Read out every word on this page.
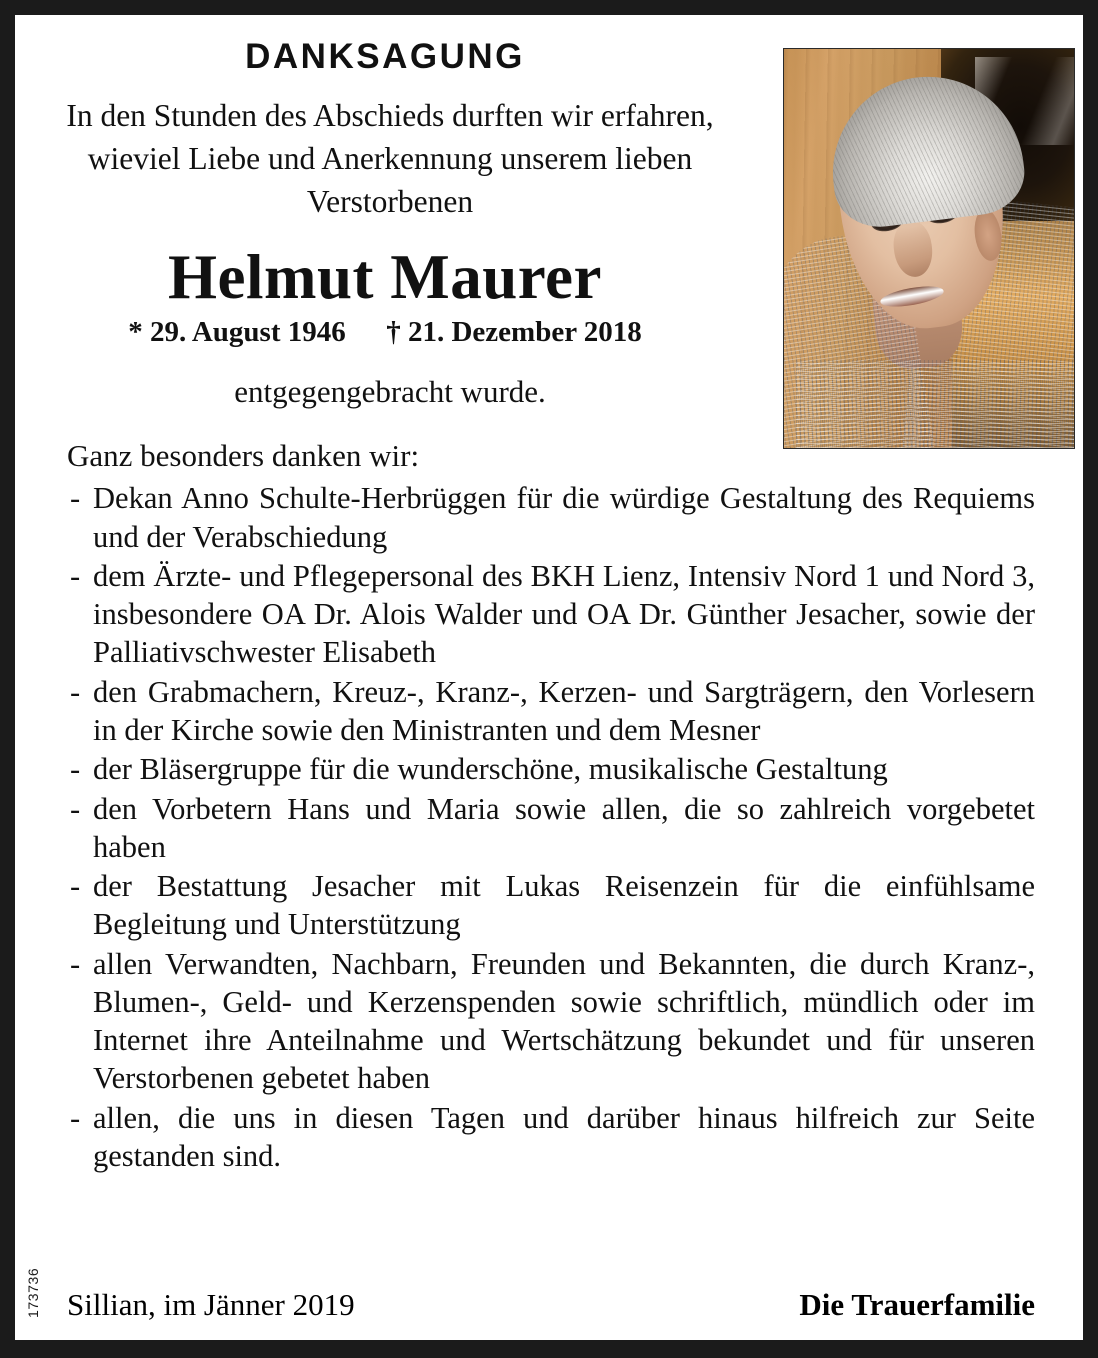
173736
DANKSAGUNG
In den Stunden des Abschieds durften wir erfahren, wieviel Liebe und Anerkennung unserem lieben Verstorbenen
Helmut Maurer
* 29. August 1946 † 21. Dezember 2018
entgegengebracht wurde.
Ganz besonders danken wir:
- Dekan Anno Schulte-Herbrüggen für die würdige Gestaltung des Requiems und der Verabschiedung
- dem Ärzte- und Pflegepersonal des BKH Lienz, Intensiv Nord 1 und Nord 3, insbesondere OA Dr. Alois Walder und OA Dr. Günther Jesacher, sowie der Palliativschwester Elisabeth
- den Grabmachern, Kreuz-, Kranz-, Kerzen- und Sargträgern, den Vorlesern in der Kirche sowie den Ministranten und dem Mesner
- der Bläsergruppe für die wunderschöne, musikalische Gestaltung
- den Vorbetern Hans und Maria sowie allen, die so zahlreich vorgebetet haben
- der Bestattung Jesacher mit Lukas Reisenzein für die einfühlsame Begleitung und Unterstützung
- allen Verwandten, Nachbarn, Freunden und Bekannten, die durch Kranz-, Blumen-, Geld- und Kerzenspenden sowie schriftlich, mündlich oder im Internet ihre Anteilnahme und Wertschätzung bekundet und für unseren Verstorbenen gebetet haben
- allen, die uns in diesen Tagen und darüber hinaus hilfreich zur Seite gestanden sind.
Sillian, im Jänner 2019	Die Trauerfamilie
